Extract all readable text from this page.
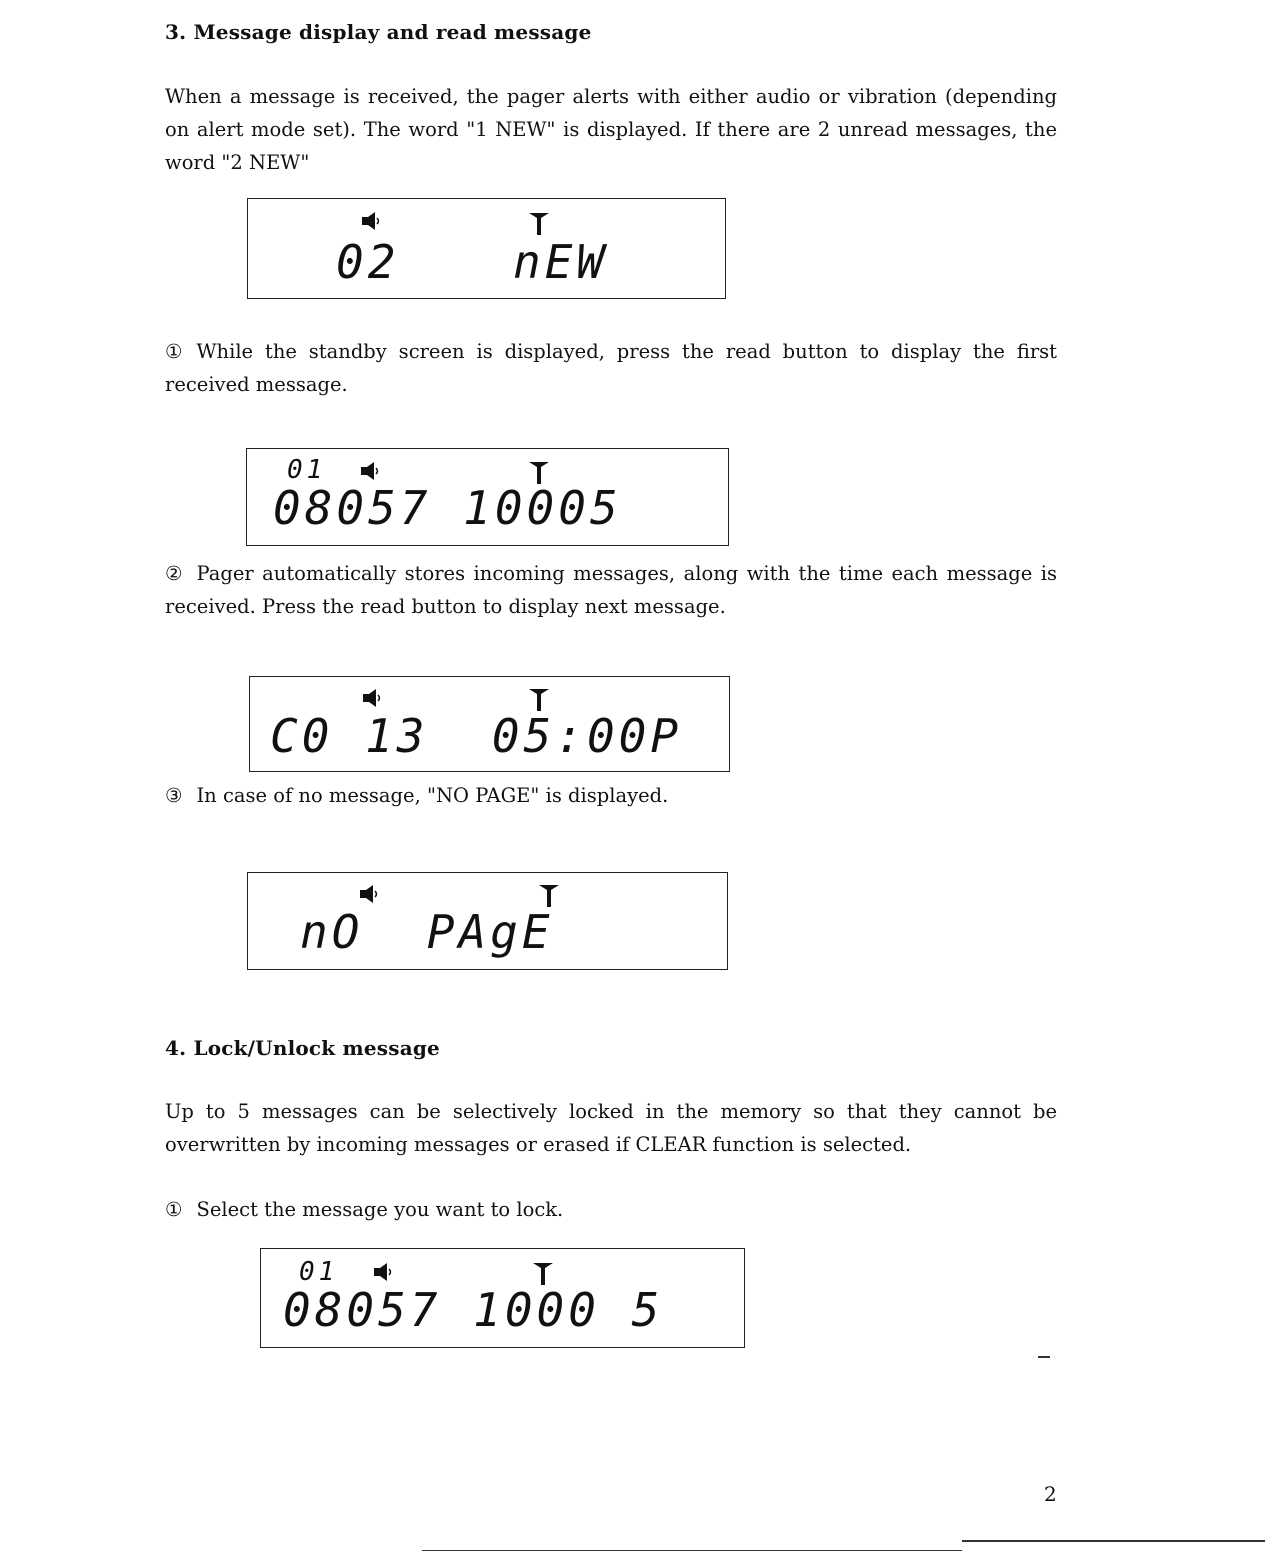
3. Message display and read message
When a message is received, the pager alerts with either audio or vibration (depending on alert mode set). The word "1 NEW" is displayed. If there are 2 unread messages, the word "2 NEW"
02 nEW
① While the standby screen is displayed, press the read button to display the first received message.
01
08057 10005
② Pager automatically stores incoming messages, along with the time each message is received. Press the read button to display next message.
C0 13  05:00P
③ In case of no message, "NO PAGE" is displayed.
nO  PAgE
4. Lock/Unlock message
Up to 5 messages can be selectively locked in the memory so that they cannot be overwritten by incoming messages or erased if CLEAR function is selected.
① Select the message you want to lock.
01
08057 1000 5
2
